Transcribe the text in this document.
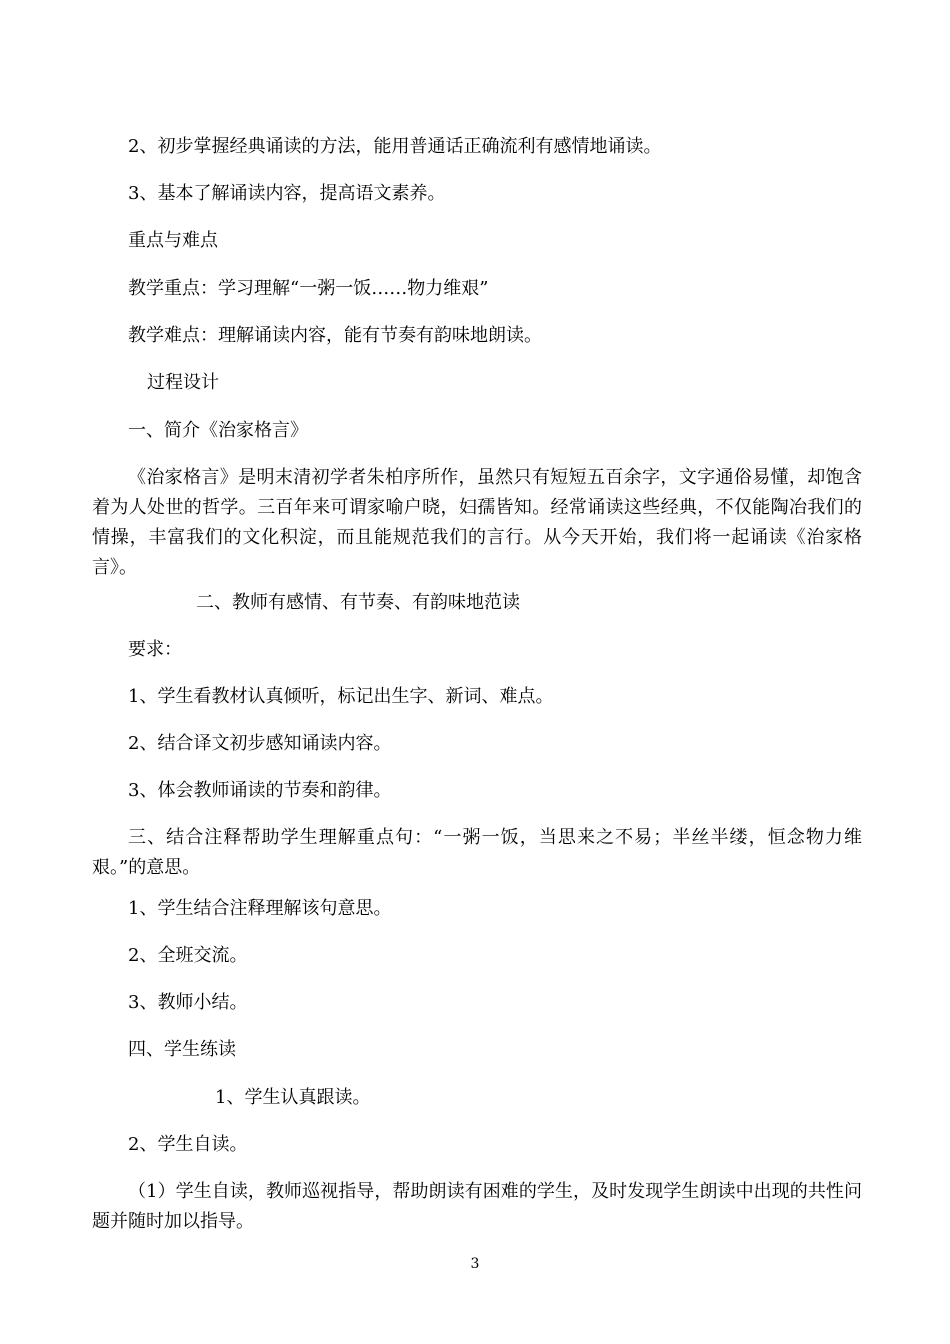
2、初步掌握经典诵读的方法，能用普通话正确流利有感情地诵读。
3、基本了解诵读内容，提高语文素养。
重点与难点
教学重点：学习理解“一粥一饭……物力维艰”
教学难点：理解诵读内容，能有节奏有韵味地朗读。
过程设计
一、简介《治家格言》
《治家格言》是明末清初学者朱柏序所作，虽然只有短短五百余字，文字通俗易懂，却饱含着为人处世的哲学。三百年来可谓家喻户晓，妇孺皆知。经常诵读这些经典，不仅能陶冶我们的情操，丰富我们的文化积淀，而且能规范我们的言行。从今天开始，我们将一起诵读《治家格言》。
二、教师有感情、有节奏、有韵味地范读
要求：
1、学生看教材认真倾听，标记出生字、新词、难点。
2、结合译文初步感知诵读内容。
3、体会教师诵读的节奏和韵律。
三、结合注释帮助学生理解重点句：“一粥一饭，当思来之不易；半丝半缕，恒念物力维艰。”的意思。
1、学生结合注释理解该句意思。
2、全班交流。
3、教师小结。
四、学生练读
1、学生认真跟读。
2、学生自读。
（1）学生自读，教师巡视指导，帮助朗读有困难的学生，及时发现学生朗读中出现的共性问题并随时加以指导。
3
